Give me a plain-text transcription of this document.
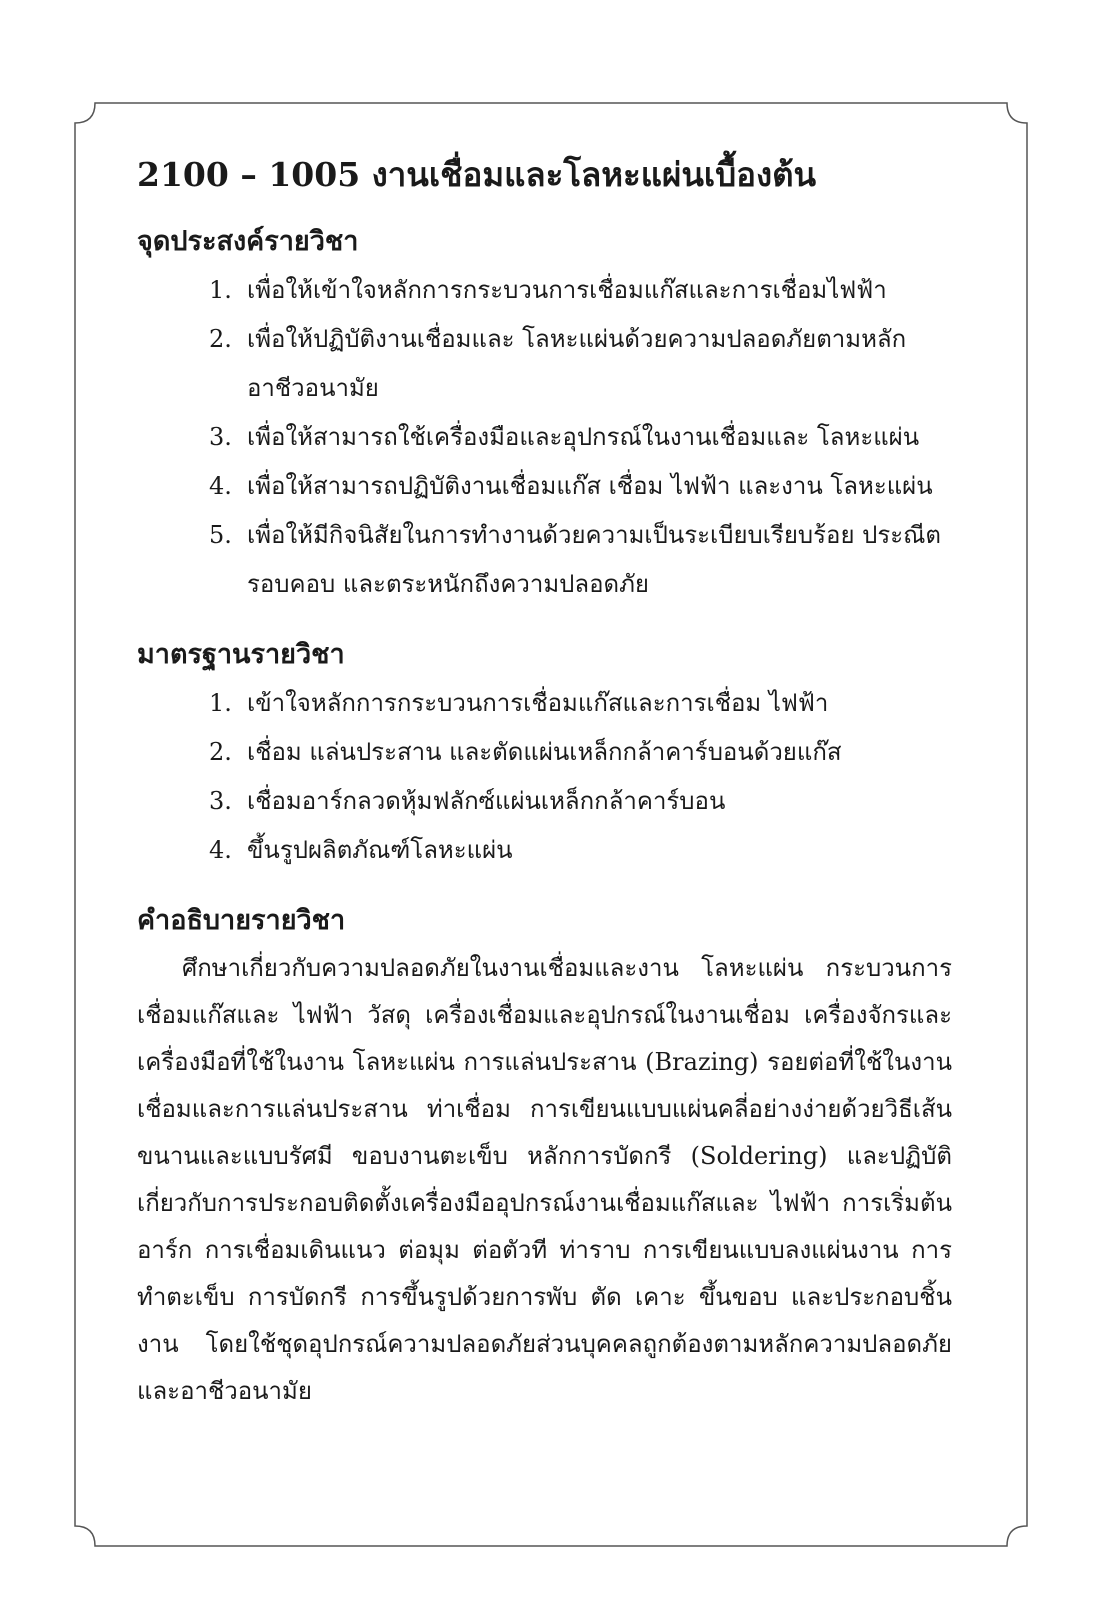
2100 – 1005 งานเชื่อมและโลหะแผ่นเบื้องต้น
จุดประสงค์รายวิชา
1. เพื่อให้เข้าใจหลักการกระบวนการเชื่อมแก๊สและการเชื่อมไฟฟ้า
2. เพื่อให้ปฏิบัติงานเชื่อมและ โลหะแผ่นด้วยความปลอดภัยตามหลักอาชีวอนามัย
3. เพื่อให้สามารถใช้เครื่องมือและอุปกรณ์ในงานเชื่อมและ โลหะแผ่น
4. เพื่อให้สามารถปฏิบัติงานเชื่อมแก๊ส เชื่อม ไฟฟ้า และงาน โลหะแผ่น
5. เพื่อให้มีกิจนิสัยในการทำงานด้วยความเป็นระเบียบเรียบร้อย ประณีต รอบคอบ และตระหนักถึงความปลอดภัย
มาตรฐานรายวิชา
1. เข้าใจหลักการกระบวนการเชื่อมแก๊สและการเชื่อม ไฟฟ้า
2. เชื่อม แล่นประสาน และตัดแผ่นเหล็กกล้าคาร์บอนด้วยแก๊ส
3. เชื่อมอาร์กลวดหุ้มฟลักซ์แผ่นเหล็กกล้าคาร์บอน
4. ขึ้นรูปผลิตภัณฑ์โลหะแผ่น
คำอธิบายรายวิชา

ศึกษาเกี่ยวกับความปลอดภัยในงานเชื่อมและงาน โลหะแผ่น กระบวนการเชื่อมแก๊สและ ไฟฟ้า วัสดุ เครื่องเชื่อมและอุปกรณ์ในงานเชื่อม เครื่องจักรและเครื่องมือที่ใช้ในงาน โลหะแผ่น การแล่นประสาน (Brazing) รอยต่อที่ใช้ในงานเชื่อมและการแล่นประสาน ท่าเชื่อม การเขียนแบบแผ่นคลี่อย่างง่ายด้วยวิธีเส้นขนานและแบบรัศมี ขอบงานตะเข็บ หลักการบัดกรี (Soldering) และปฏิบัติเกี่ยวกับการประกอบติดตั้งเครื่องมืออุปกรณ์งานเชื่อมแก๊สและ ไฟฟ้า การเริ่มต้นอาร์ก การเชื่อมเดินแนว ต่อมุม ต่อตัวที ท่าราบ การเขียนแบบลงแผ่นงาน การทำตะเข็บ การบัดกรี การขึ้นรูปด้วยการพับ ตัด เคาะ ขึ้นขอบ และประกอบชิ้นงาน โดยใช้ชุดอุปกรณ์ความปลอดภัยส่วนบุคคลถูกต้องตามหลักความปลอดภัยและอาชีวอนามัย
